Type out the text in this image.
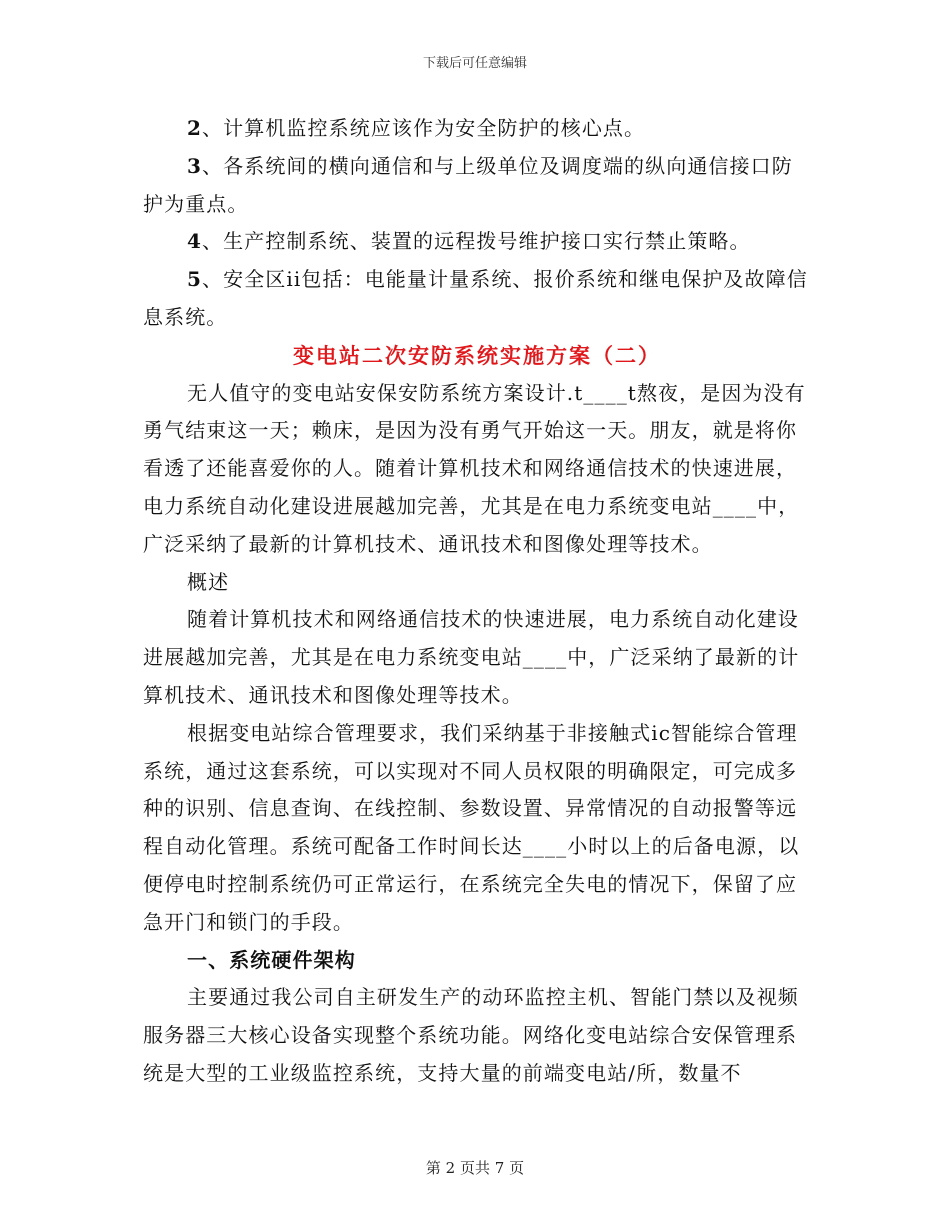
下载后可任意编辑

2、计算机监控系统应该作为安全防护的核心点。

3、各系统间的横向通信和与上级单位及调度端的纵向通信接口防护为重点。

4、生产控制系统、装置的远程拨号维护接口实行禁止策略。

5、安全区ii包括：电能量计量系统、报价系统和继电保护及故障信息系统。

变电站二次安防系统实施方案（二）

无人值守的变电站安保安防系统方案设计.t____t熬夜，是因为没有勇气结束这一天；赖床，是因为没有勇气开始这一天。朋友，就是将你看透了还能喜爱你的人。随着计算机技术和网络通信技术的快速进展，电力系统自动化建设进展越加完善，尤其是在电力系统变电站____中，广泛采纳了最新的计算机技术、通讯技术和图像处理等技术。

概述

随着计算机技术和网络通信技术的快速进展，电力系统自动化建设进展越加完善，尤其是在电力系统变电站____中，广泛采纳了最新的计算机技术、通讯技术和图像处理等技术。

根据变电站综合管理要求，我们采纳基于非接触式ic智能综合管理系统，通过这套系统，可以实现对不同人员权限的明确限定，可完成多种的识别、信息查询、在线控制、参数设置、异常情况的自动报警等远程自动化管理。系统可配备工作时间长达____小时以上的后备电源，以便停电时控制系统仍可正常运行，在系统完全失电的情况下，保留了应急开门和锁门的手段。

一、系统硬件架构

主要通过我公司自主研发生产的动环监控主机、智能门禁以及视频服务器三大核心设备实现整个系统功能。网络化变电站综合安保管理系统是大型的工业级监控系统，支持大量的前端变电站/所，数量不

第 2 页共 7 页
